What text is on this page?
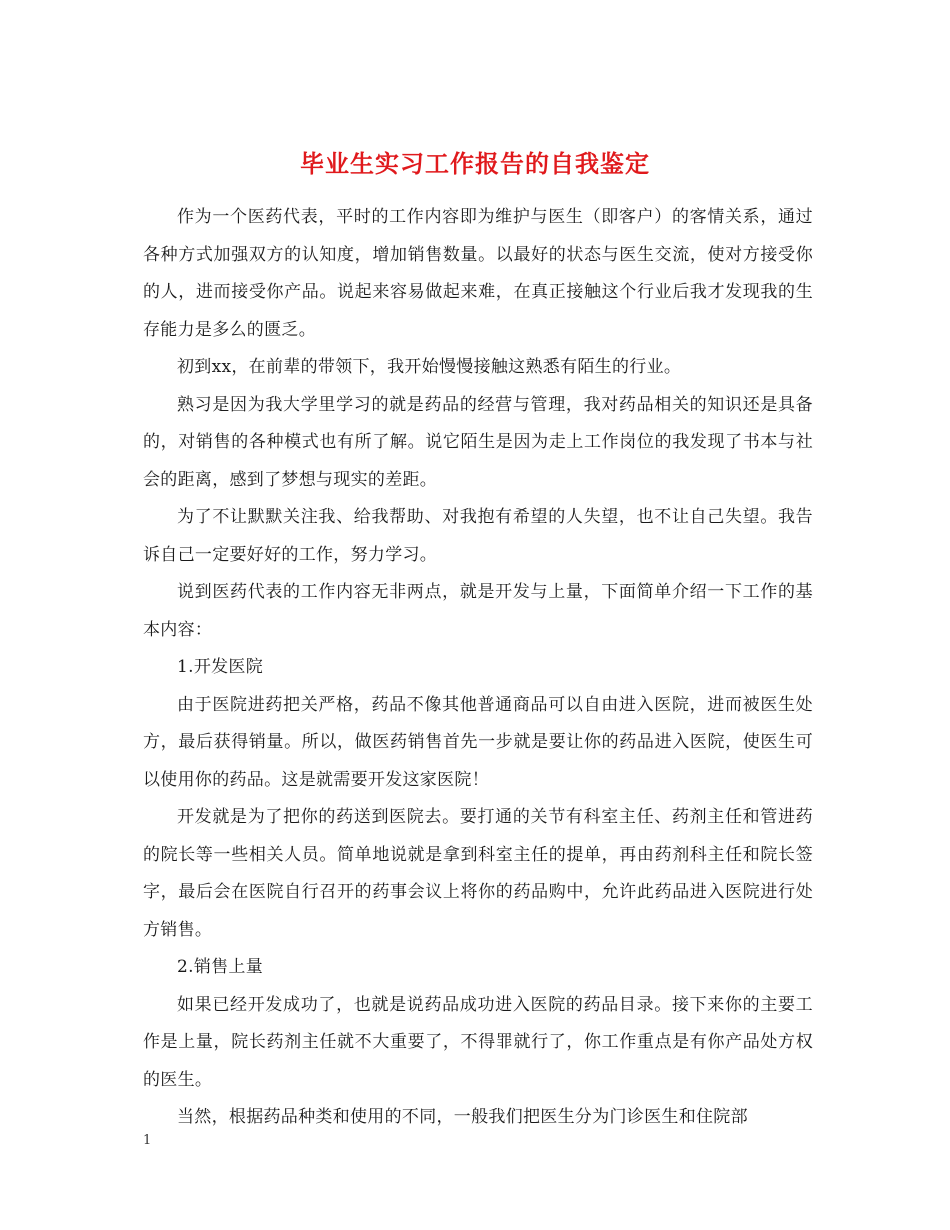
毕业生实习工作报告的自我鉴定

作为一个医药代表，平时的工作内容即为维护与医生（即客户）的客情关系，通过各种方式加强双方的认知度，增加销售数量。以最好的状态与医生交流，使对方接受你的人，进而接受你产品。说起来容易做起来难，在真正接触这个行业后我才发现我的生存能力是多么的匮乏。

初到xx，在前辈的带领下，我开始慢慢接触这熟悉有陌生的行业。

熟习是因为我大学里学习的就是药品的经营与管理，我对药品相关的知识还是具备的，对销售的各种模式也有所了解。说它陌生是因为走上工作岗位的我发现了书本与社会的距离，感到了梦想与现实的差距。

为了不让默默关注我、给我帮助、对我抱有希望的人失望，也不让自己失望。我告诉自己一定要好好的工作，努力学习。

说到医药代表的工作内容无非两点，就是开发与上量，下面简单介绍一下工作的基本内容：

1.开发医院

由于医院进药把关严格，药品不像其他普通商品可以自由进入医院，进而被医生处方，最后获得销量。所以，做医药销售首先一步就是要让你的药品进入医院，使医生可以使用你的药品。这是就需要开发这家医院！

开发就是为了把你的药送到医院去。要打通的关节有科室主任、药剂主任和管进药的院长等一些相关人员。简单地说就是拿到科室主任的提单，再由药剂科主任和院长签字，最后会在医院自行召开的药事会议上将你的药品购中，允许此药品进入医院进行处方销售。

2.销售上量

如果已经开发成功了，也就是说药品成功进入医院的药品目录。接下来你的主要工作是上量，院长药剂主任就不大重要了，不得罪就行了，你工作重点是有你产品处方权的医生。

当然，根据药品种类和使用的不同，一般我们把医生分为门诊医生和住院部

1
